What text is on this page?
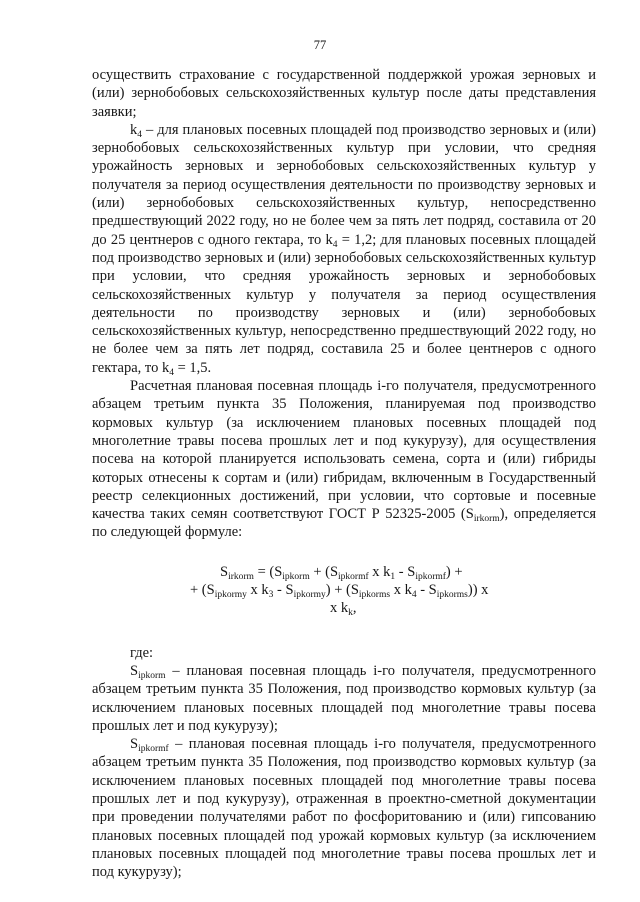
77

осуществить страхование с государственной поддержкой урожая зерновых и (или) зернобобовых сельскохозяйственных культур после даты представления заявки;

$k_4$ – для плановых посевных площадей под производство зерновых и (или) зернобобовых сельскохозяйственных культур при условии, что средняя урожайность зерновых и зернобобовых сельскохозяйственных культур у получателя за период осуществления деятельности по производству зерновых и (или) зернобобовых сельскохозяйственных культур, непосредственно предшествующий 2022 году, но не более чем за пять лет подряд, составила от 20 до 25 центнеров с одного гектара, то $k_4 = 1,2$; для плановых посевных площадей под производство зерновых и (или) зернобобовых сельскохозяйственных культур при условии, что средняя урожайность зерновых и зернобобовых сельскохозяйственных культур у получателя за период осуществления деятельности по производству зерновых и (или) зернобобовых сельскохозяйственных культур, непосредственно предшествующий 2022 году, но не более чем за пять лет подряд, составила 25 и более центнеров с одного гектара, то $k_4 = 1,5$.

Расчетная плановая посевная площадь i-го получателя, предусмотренного абзацем третьим пункта 35 Положения, планируемая под производство кормовых культур (за исключением плановых посевных площадей под многолетние травы посева прошлых лет и под кукурузу), для осуществления посева на которой планируется использовать семена, сорта и (или) гибриды которых отнесены к сортам и (или) гибридам, включенным в Государственный реестр селекционных достижений, при условии, что сортовые и посевные качества таких семян соответствуют ГОСТ Р 52325-2005 $(S_{irkorm})$, определяется по следующей формуле:

$S_{irkorm} = (S_{ipkorm} + (S_{ipkormf}$ x $k_1 - S_{ipkormf}$) +
+ ($S_{ipkormy}$ x $k_3 - S_{ipkormy}) + (S_{ipkorms}$ x $k_4 - S_{ipkorms}$)) x
x $k_k$,

где:

$S_{ipkorm}$ – плановая посевная площадь i-го получателя, предусмотренного абзацем третьим пункта 35 Положения, под производство кормовых культур (за исключением плановых посевных площадей под многолетние травы посева прошлых лет и под кукурузу);

$S_{ipkormf}$ – плановая посевная площадь i-го получателя, предусмотренного абзацем третьим пункта 35 Положения, под производство кормовых культур (за исключением плановых посевных площадей под многолетние травы посева прошлых лет и под кукурузу), отраженная в проектно-сметной документации при проведении получателями работ по фосфоритованию и (или) гипсованию плановых посевных площадей под урожай кормовых культур (за исключением плановых посевных площадей под многолетние травы посева прошлых лет и под кукурузу);
